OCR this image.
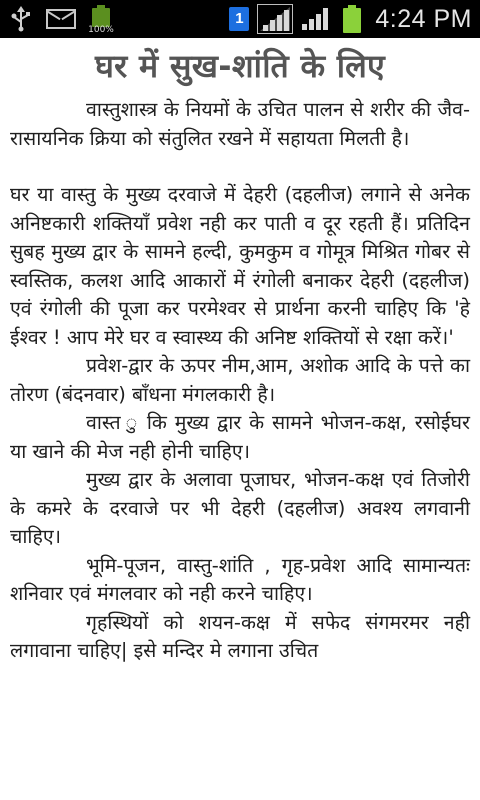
100%
1	4:24 PM
घर में सुख-शांति के लिए

वास्तुशास्त्र के नियमों के उचित पालन से शरीर की जैव-रासायनिक क्रिया को संतुलित रखने में सहायता मिलती है।

घर या वास्तु के मुख्य दरवाजे में देहरी (दहलीज) लगाने से अनेक अनिष्टकारी शक्तियाँ प्रवेश नही कर पाती व दूर रहती हैं। प्रतिदिन सुबह मुख्य द्वार के सामने हल्दी, कुमकुम व गोमूत्र मिश्रित गोबर से स्वस्तिक, कलश आदि आकारों में रंगोली बनाकर देहरी (दहलीज) एवं रंगोली की पूजा कर परमेश्वर से प्रार्थना करनी चाहिए कि 'हे ईश्वर ! आप मेरे घर व स्वास्थ्य की अनिष्ट शक्तियों से रक्षा करें।'

प्रवेश-द्वार के ऊपर नीम,आम, अशोक आदि के पत्ते का तोरण (बंदनवार) बाँधना मंगलकारी है।

वास्त ु कि मुख्य द्वार के सामने भोजन-कक्ष, रसोईघर या खाने की मेज नही होनी चाहिए।

मुख्य द्वार के अलावा पूजाघर, भोजन-कक्ष एवं तिजोरी के कमरे के दरवाजे पर भी देहरी (दहलीज) अवश्य लगवानी चाहिए।

भूमि-पूजन, वास्तु-शांति , गृह-प्रवेश आदि सामान्यतः शनिवार एवं मंगलवार को नही करने चाहिए।

गृहस्थियों को शयन-कक्ष में सफेद संगमरमर नही लगावाना चाहिए| इसे मन्दिर मे लगाना उचित
